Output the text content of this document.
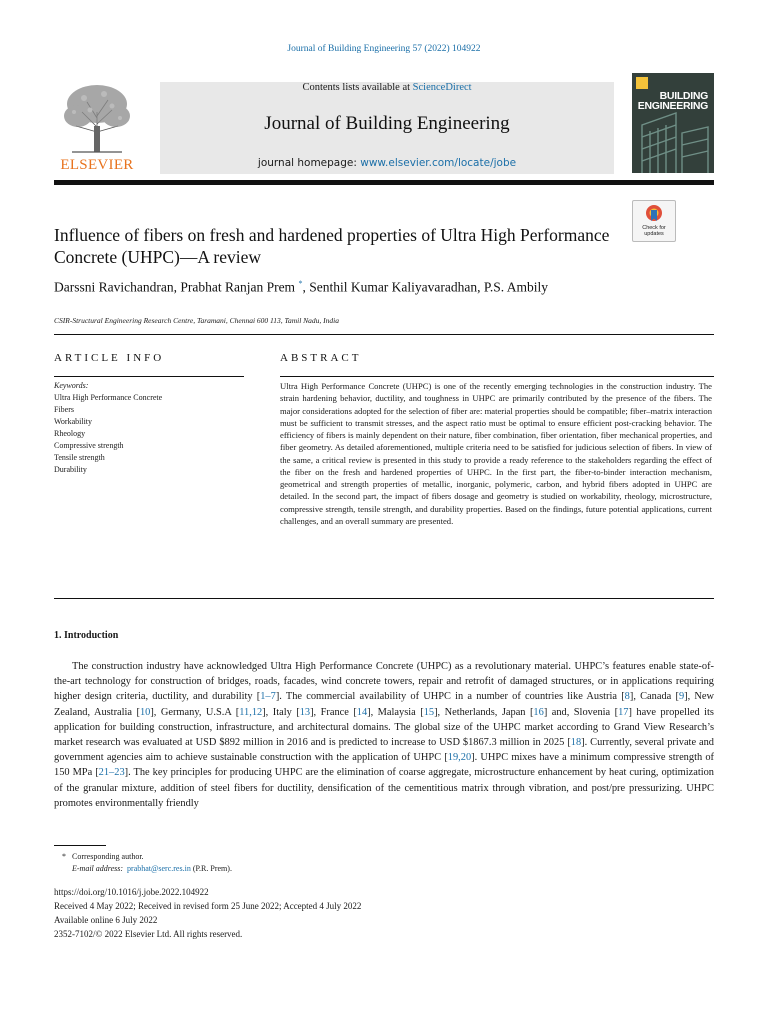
Journal of Building Engineering 57 (2022) 104922
ELSEVIER
Contents lists available at ScienceDirect
Journal of Building Engineering
journal homepage: www.elsevier.com/locate/jobe
BUILDING
ENGINEERING
Check for updates
Influence of fibers on fresh and hardened properties of Ultra High Performance Concrete (UHPC)—A review
Darssni Ravichandran, Prabhat Ranjan Prem *, Senthil Kumar Kaliyavaradhan, P.S. Ambily
CSIR-Structural Engineering Research Centre, Taramani, Chennai 600 113, Tamil Nadu, India
ARTICLE INFO
Keywords:
Ultra High Performance Concrete
Fibers
Workability
Rheology
Compressive strength
Tensile strength
Durability
ABSTRACT
Ultra High Performance Concrete (UHPC) is one of the recently emerging technologies in the construction industry. The strain hardening behavior, ductility, and toughness in UHPC are primarily contributed by the presence of the fibers. The major considerations adopted for the selection of fiber are: material properties should be compatible; fiber–matrix interaction must be sufficient to transmit stresses, and the aspect ratio must be optimal to ensure efficient post-cracking behavior. The efficiency of fibers is mainly dependent on their nature, fiber combination, fiber orientation, fiber mechanical properties, and fiber geometry. As detailed aforementioned, multiple criteria need to be satisfied for judicious selection of fibers. In view of the same, a critical review is presented in this study to provide a ready reference to the stakeholders regarding the effect of the fiber on the fresh and hardened properties of UHPC. In the first part, the fiber-to-binder interaction mechanism, geometrical and strength properties of metallic, inorganic, polymeric, carbon, and hybrid fibers adopted in UHPC are detailed. In the second part, the impact of fibers dosage and geometry is studied on workability, rheology, microstructure, compressive strength, tensile strength, and durability properties. Based on the findings, future potential applications, current challenges, and an overall summary are presented.
1. Introduction
The construction industry have acknowledged Ultra High Performance Concrete (UHPC) as a revolutionary material. UHPC’s features enable state-of-the-art technology for construction of bridges, roads, facades, wind concrete towers, repair and retrofit of damaged structures, or in applications requiring higher design criteria, ductility, and durability [1–7]. The commercial availability of UHPC in a number of countries like Austria [8], Canada [9], New Zealand, Australia [10], Germany, U.S.A [11,12], Italy [13], France [14], Malaysia [15], Netherlands, Japan [16] and, Slovenia [17] have propelled its application for building construction, infrastructure, and architectural domains. The global size of the UHPC market according to Grand View Research’s market research was evaluated at USD $892 million in 2016 and is predicted to increase to USD $1867.3 million in 2025 [18]. Currently, several private and government agencies aim to achieve sustainable construction with the application of UHPC [19,20]. UHPC mixes have a minimum compressive strength of 150 MPa [21–23]. The key principles for producing UHPC are the elimination of coarse aggregate, microstructure enhancement by heat curing, optimization of the granular mixture, addition of steel fibers for ductility, densification of the cementitious matrix through vibration, and post/pre pressurizing. UHPC promotes environmentally friendly
* Corresponding author.
E-mail address: prabhat@serc.res.in (P.R. Prem).
https://doi.org/10.1016/j.jobe.2022.104922
Received 4 May 2022; Received in revised form 25 June 2022; Accepted 4 July 2022
Available online 6 July 2022
2352-7102/© 2022 Elsevier Ltd. All rights reserved.
